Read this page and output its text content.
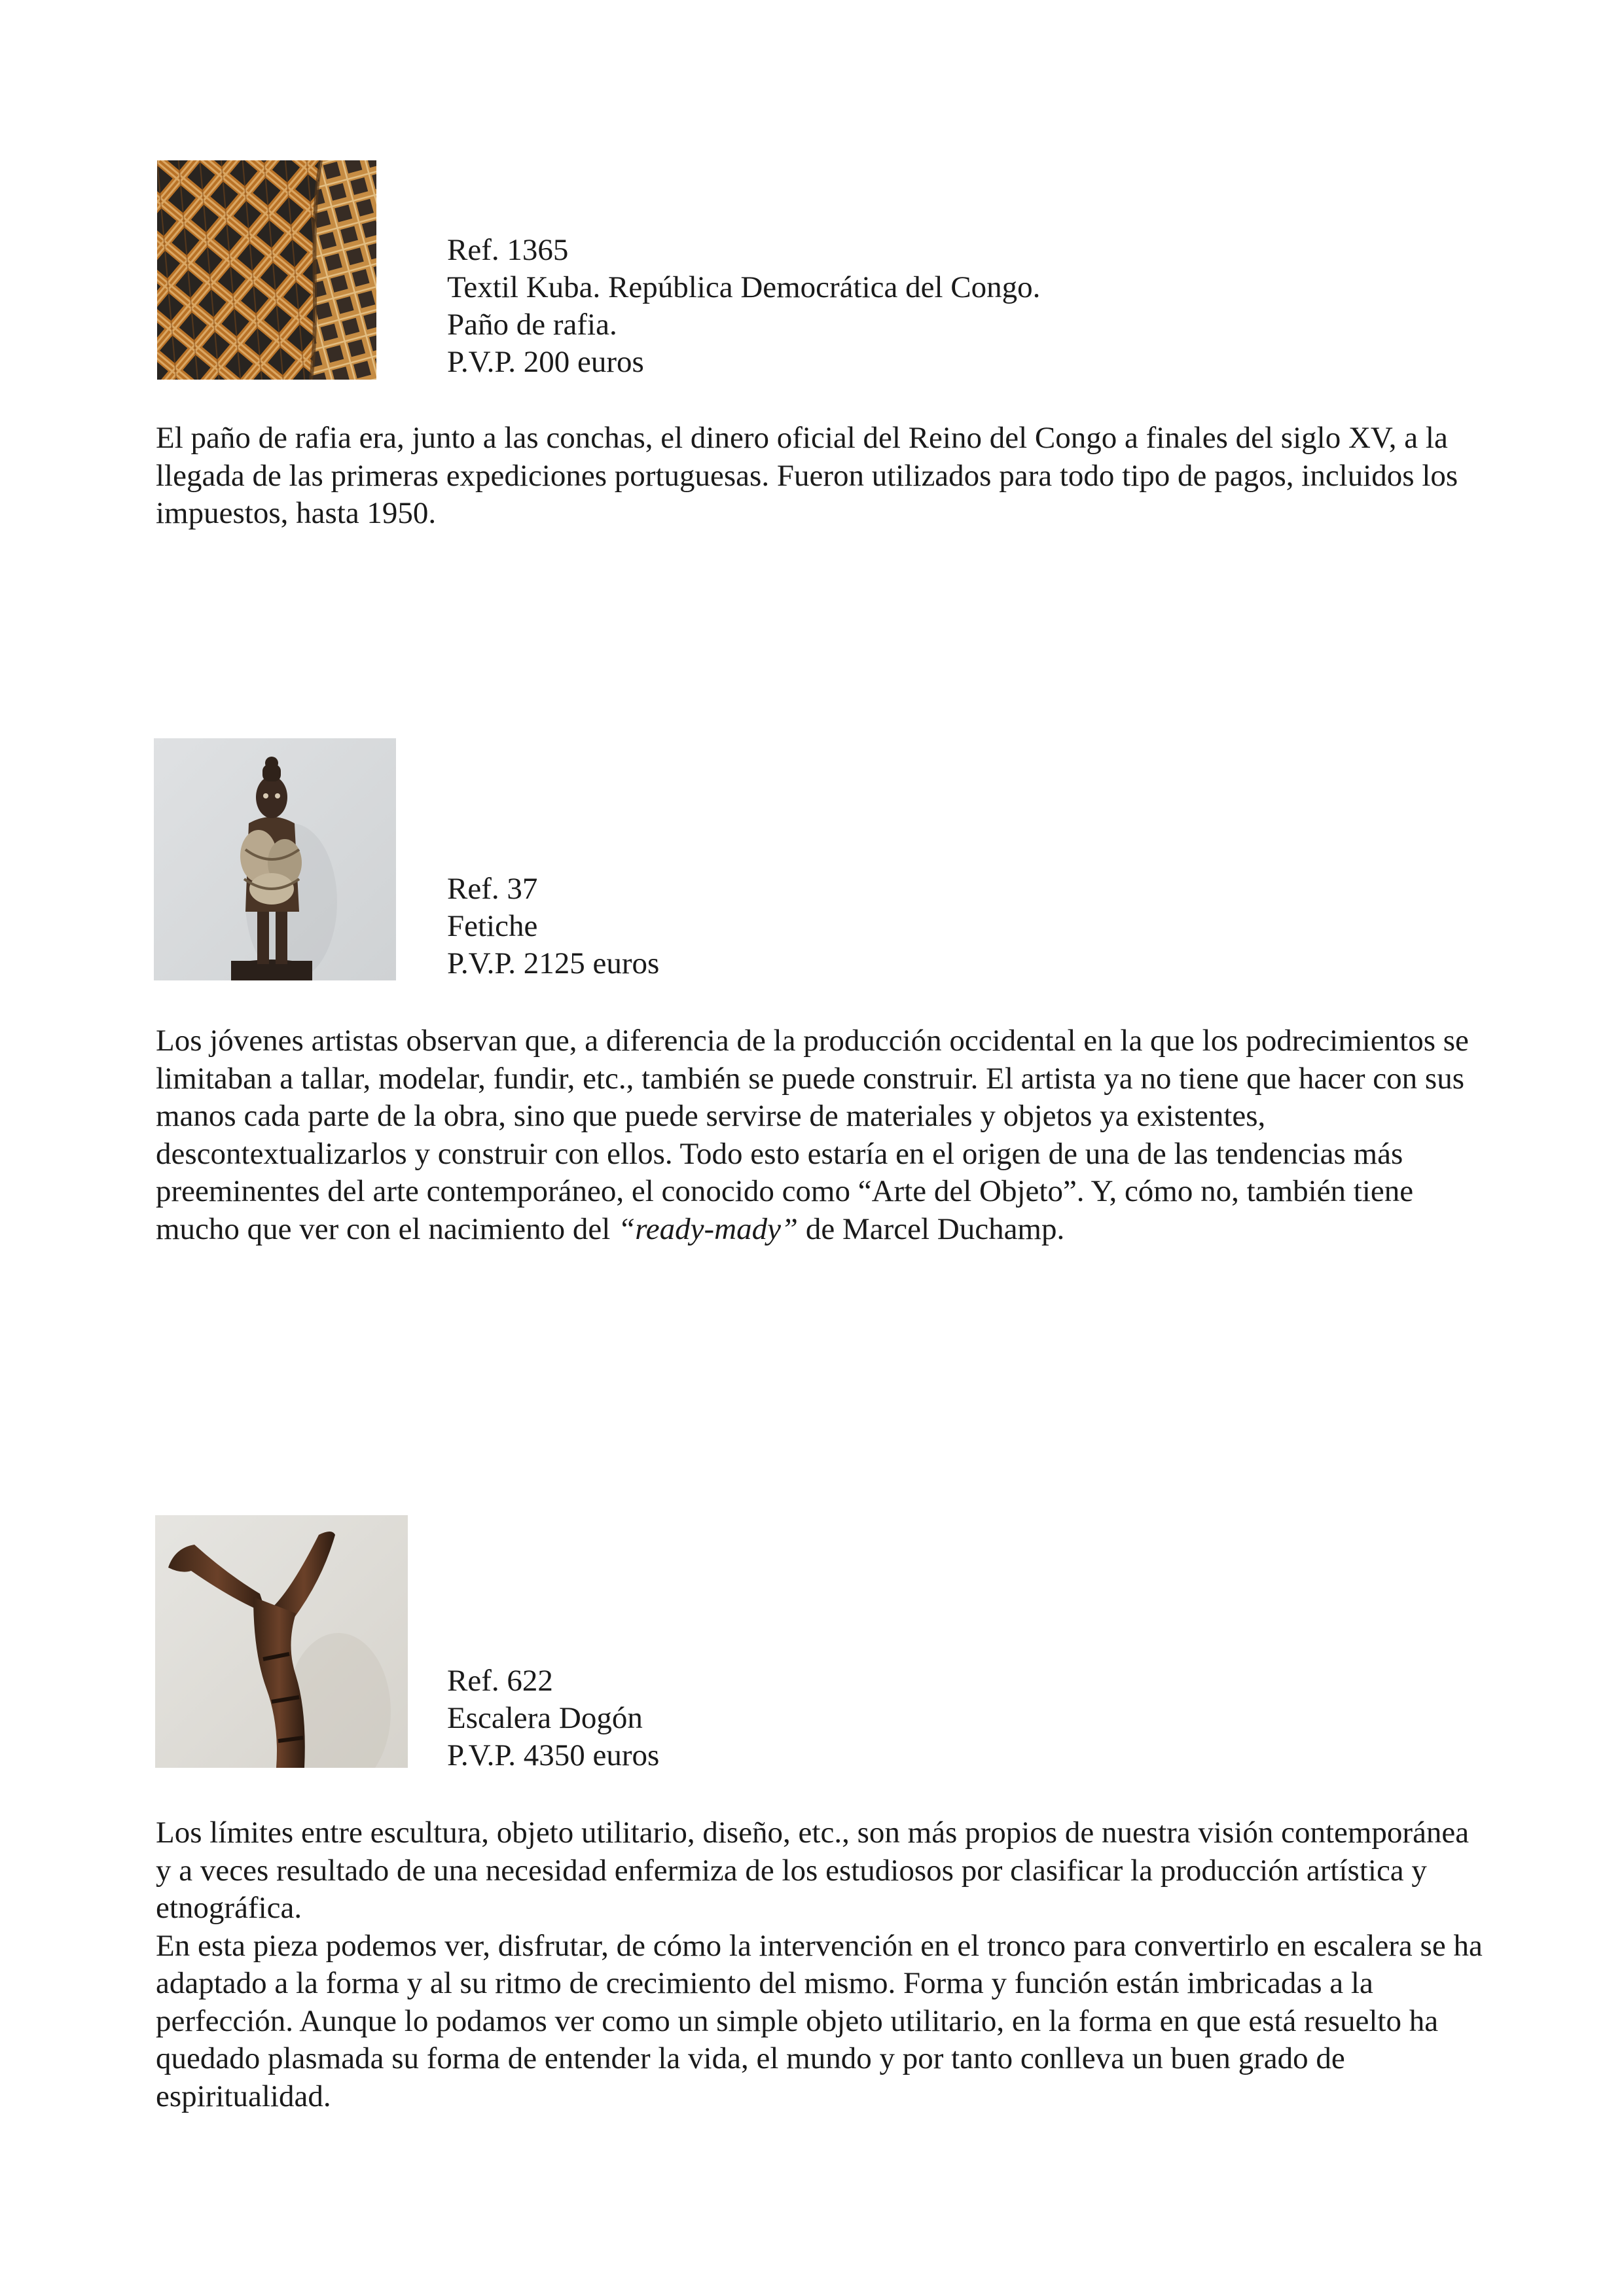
Ref. 1365
Textil Kuba. República Democrática del Congo.
Paño de rafia.
P.V.P. 200 euros

El paño de rafia era, junto a las conchas, el dinero oficial del Reino del Congo a finales del siglo XV, a la llegada de las primeras expediciones portuguesas. Fueron utilizados para todo tipo de pagos, incluidos los impuestos, hasta 1950.

Ref. 37
Fetiche
P.V.P. 2125 euros

Los jóvenes artistas observan que, a diferencia de la producción occidental en la que los podrecimientos se limitaban a tallar, modelar, fundir, etc., también se puede construir. El artista ya no tiene que hacer con sus manos cada parte de la obra, sino que puede servirse de materiales y objetos ya existentes, descontextualizarlos y construir con ellos. Todo esto estaría en el origen de una de las tendencias más preeminentes del arte contemporáneo, el conocido como “Arte del Objeto”. Y, cómo no, también tiene mucho que ver con el nacimiento del “ready-mady” de Marcel Duchamp.

Ref. 622
Escalera Dogón
P.V.P. 4350 euros

Los límites entre escultura, objeto utilitario, diseño, etc., son más propios de nuestra visión contemporánea y a veces resultado de una necesidad enfermiza de los estudiosos por clasificar la producción artística y etnográfica.

En esta pieza podemos ver, disfrutar, de cómo la intervención en el tronco para convertirlo en escalera se ha adaptado a la forma y al su ritmo de crecimiento del mismo. Forma y función están imbricadas a la perfección. Aunque lo podamos ver como un simple objeto utilitario, en la forma en que está resuelto ha quedado plasmada su forma de entender la vida, el mundo y por tanto conlleva un buen grado de espiritualidad.
